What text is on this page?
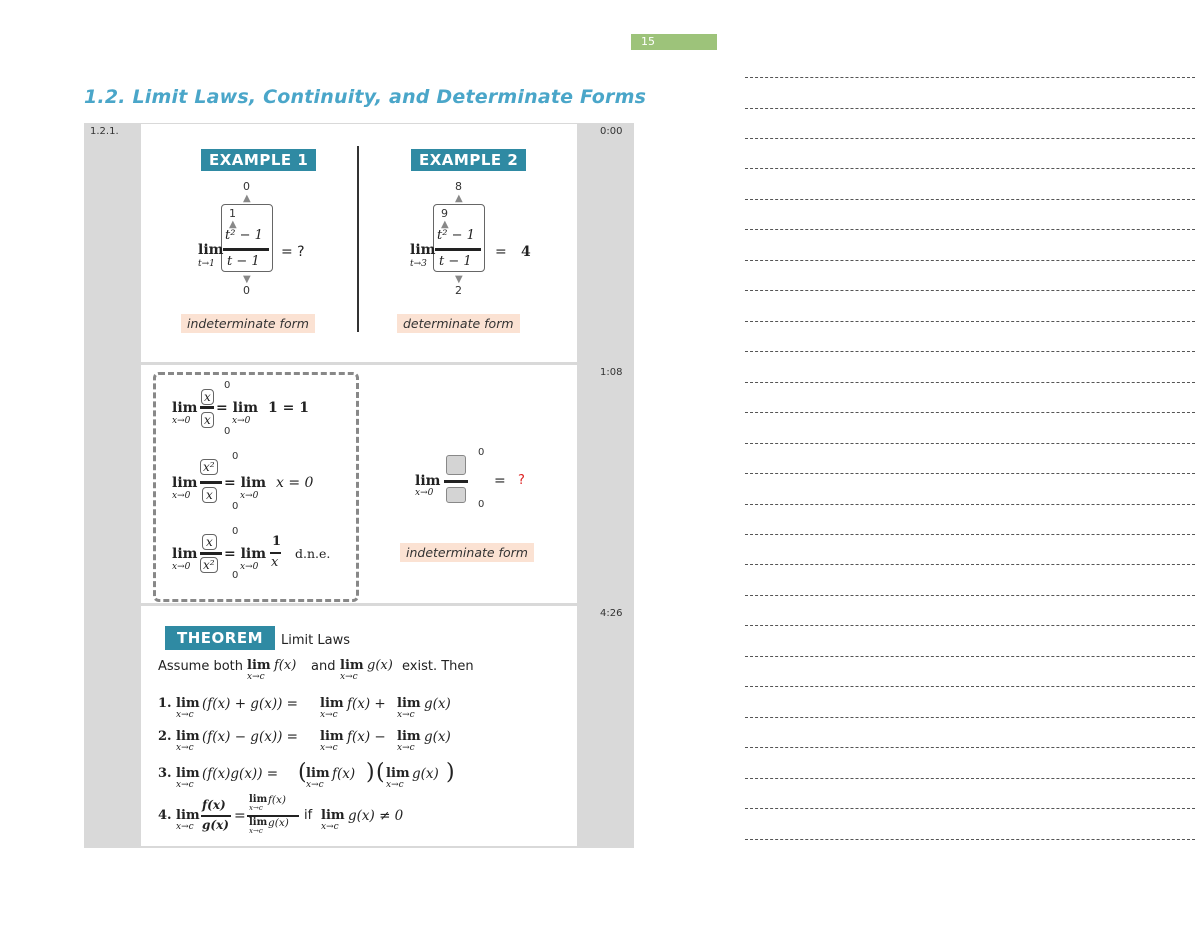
15
1.2. Limit Laws, Continuity, and Determinate Forms
1.2.1.	0:00
1:08
4:26
EXAMPLE 1
0
▲
1
▲
t² − 1
t − 1
lim
t→1
= ?
▼
0
indeterminate form
EXAMPLE 2
8
▲
9
▲
t² − 1
t − 1
lim
t→3
= 4
▼
2
determinate form
lim
x→0
x
x
0
0
= lim
x→0
1 = 1
lim
x→0
x²
x
0
0
= lim
x→0
x = 0
lim
x→0
x
x²
0
0
= lim
x→0
1
x
d.n.e.
lim
x→0
0
0
= ?
indeterminate form
THEOREM	Limit Laws
Assume both lim
x→c
f(x) and lim
x→c
g(x) exist. Then
1. lim
x→c
(f(x) + g(x)) = lim
x→c
f(x) + lim
x→c
g(x)
2. lim
x→c
(f(x) − g(x)) = lim
x→c
f(x) − lim
x→c
g(x)
3. lim
x→c
(f(x)g(x)) = ( lim
x→c
f(x) ) ( lim
x→c
g(x) )
4. lim
x→c
f(x)
g(x)
=
lim
x→c
f(x)
lim
x→c
g(x) if lim
x→c
g(x) ≠ 0
